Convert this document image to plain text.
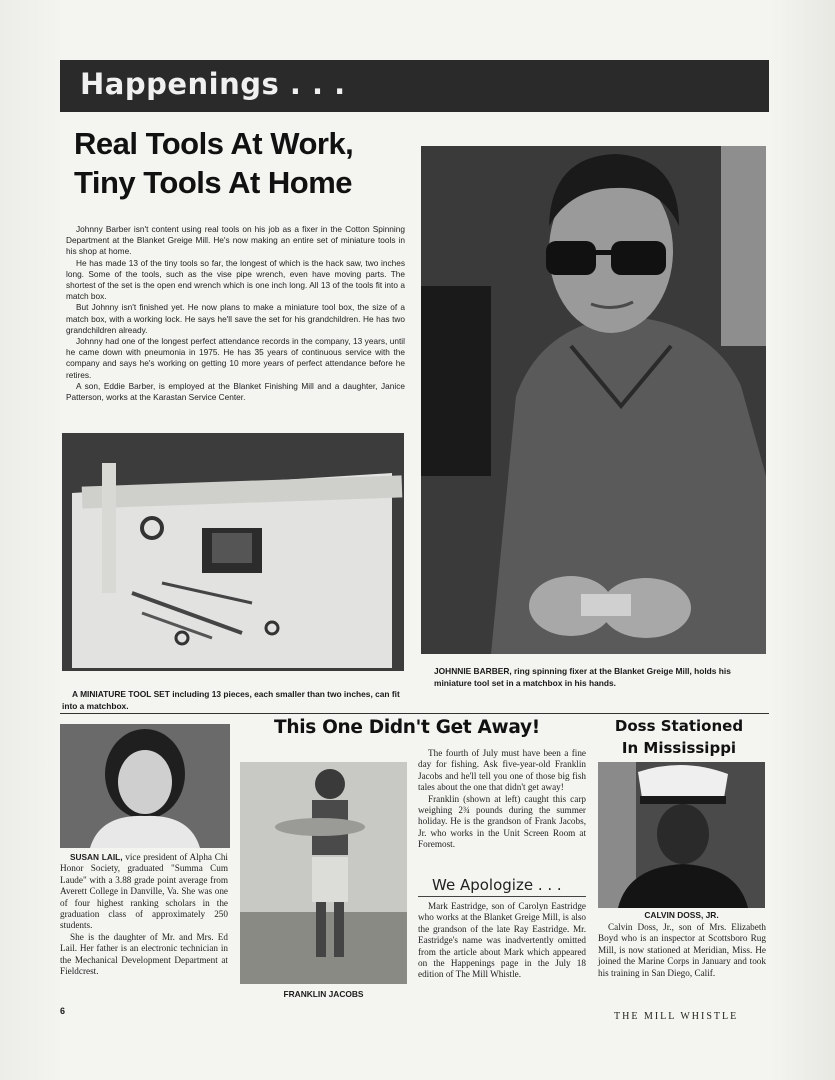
Happenings . . .
Real Tools At Work,
Tiny Tools At Home

Johnny Barber isn't content using real tools on his job as a fixer in the Cotton Spinning Department at the Blanket Greige Mill. He's now making an entire set of miniature tools in his shop at home.

He has made 13 of the tiny tools so far, the longest of which is the hack saw, two inches long. Some of the tools, such as the vise pipe wrench, even have moving parts. The shortest of the set is the open end wrench which is one inch long. All 13 of the tools fit into a match box.

But Johnny isn't finished yet. He now plans to make a miniature tool box, the size of a match box, with a working lock. He says he'll save the set for his grandchildren. He has two grandchildren already.

Johnny had one of the longest perfect attendance records in the company, 13 years, until he came down with pneumonia in 1975. He has 35 years of continuous service with the company and says he's working on getting 10 more years of perfect attendance before he retires.

A son, Eddie Barber, is employed at the Blanket Finishing Mill and a daughter, Janice Patterson, works at the Karastan Service Center.

JOHNNIE BARBER, ring spinning fixer at the Blanket Greige Mill, holds his miniature tool set in a matchbox in his hands.
A MINIATURE TOOL SET including 13 pieces, each smaller than two inches, can fit into a matchbox.

SUSAN LAIL, vice president of Alpha Chi Honor Society, graduated "Summa Cum Laude" with a 3.88 grade point average from Averett College in Danville, Va. She was one of four highest ranking scholars in the graduation class of approximately 250 students.

She is the daughter of Mr. and Mrs. Ed Lail. Her father is an electronic technician in the Mechanical Development Department at Fieldcrest.

This One Didn't Get Away!
FRANKLIN JACOBS

The fourth of July must have been a fine day for fishing. Ask five-year-old Franklin Jacobs and he'll tell you one of those big fish tales about the one that didn't get away!

Franklin (shown at left) caught this carp weighing 2¾ pounds during the summer holiday. He is the grandson of Frank Jacobs, Jr. who works in the Unit Screen Room at Foremost.

We Apologize . . .

Mark Eastridge, son of Carolyn Eastridge who works at the Blanket Greige Mill, is also the grandson of the late Ray Eastridge. Mr. Eastridge's name was inadvertently omitted from the article about Mark which appeared on the Happenings page in the July 18 edition of The Mill Whistle.

Doss Stationed
In Mississippi
CALVIN DOSS, JR.

Calvin Doss, Jr., son of Mrs. Elizabeth Boyd who is an inspector at Scottsboro Rug Mill, is now stationed at Meridian, Miss. He joined the Marine Corps in January and took his training in San Diego, Calif.

6	THE MILL WHISTLE
